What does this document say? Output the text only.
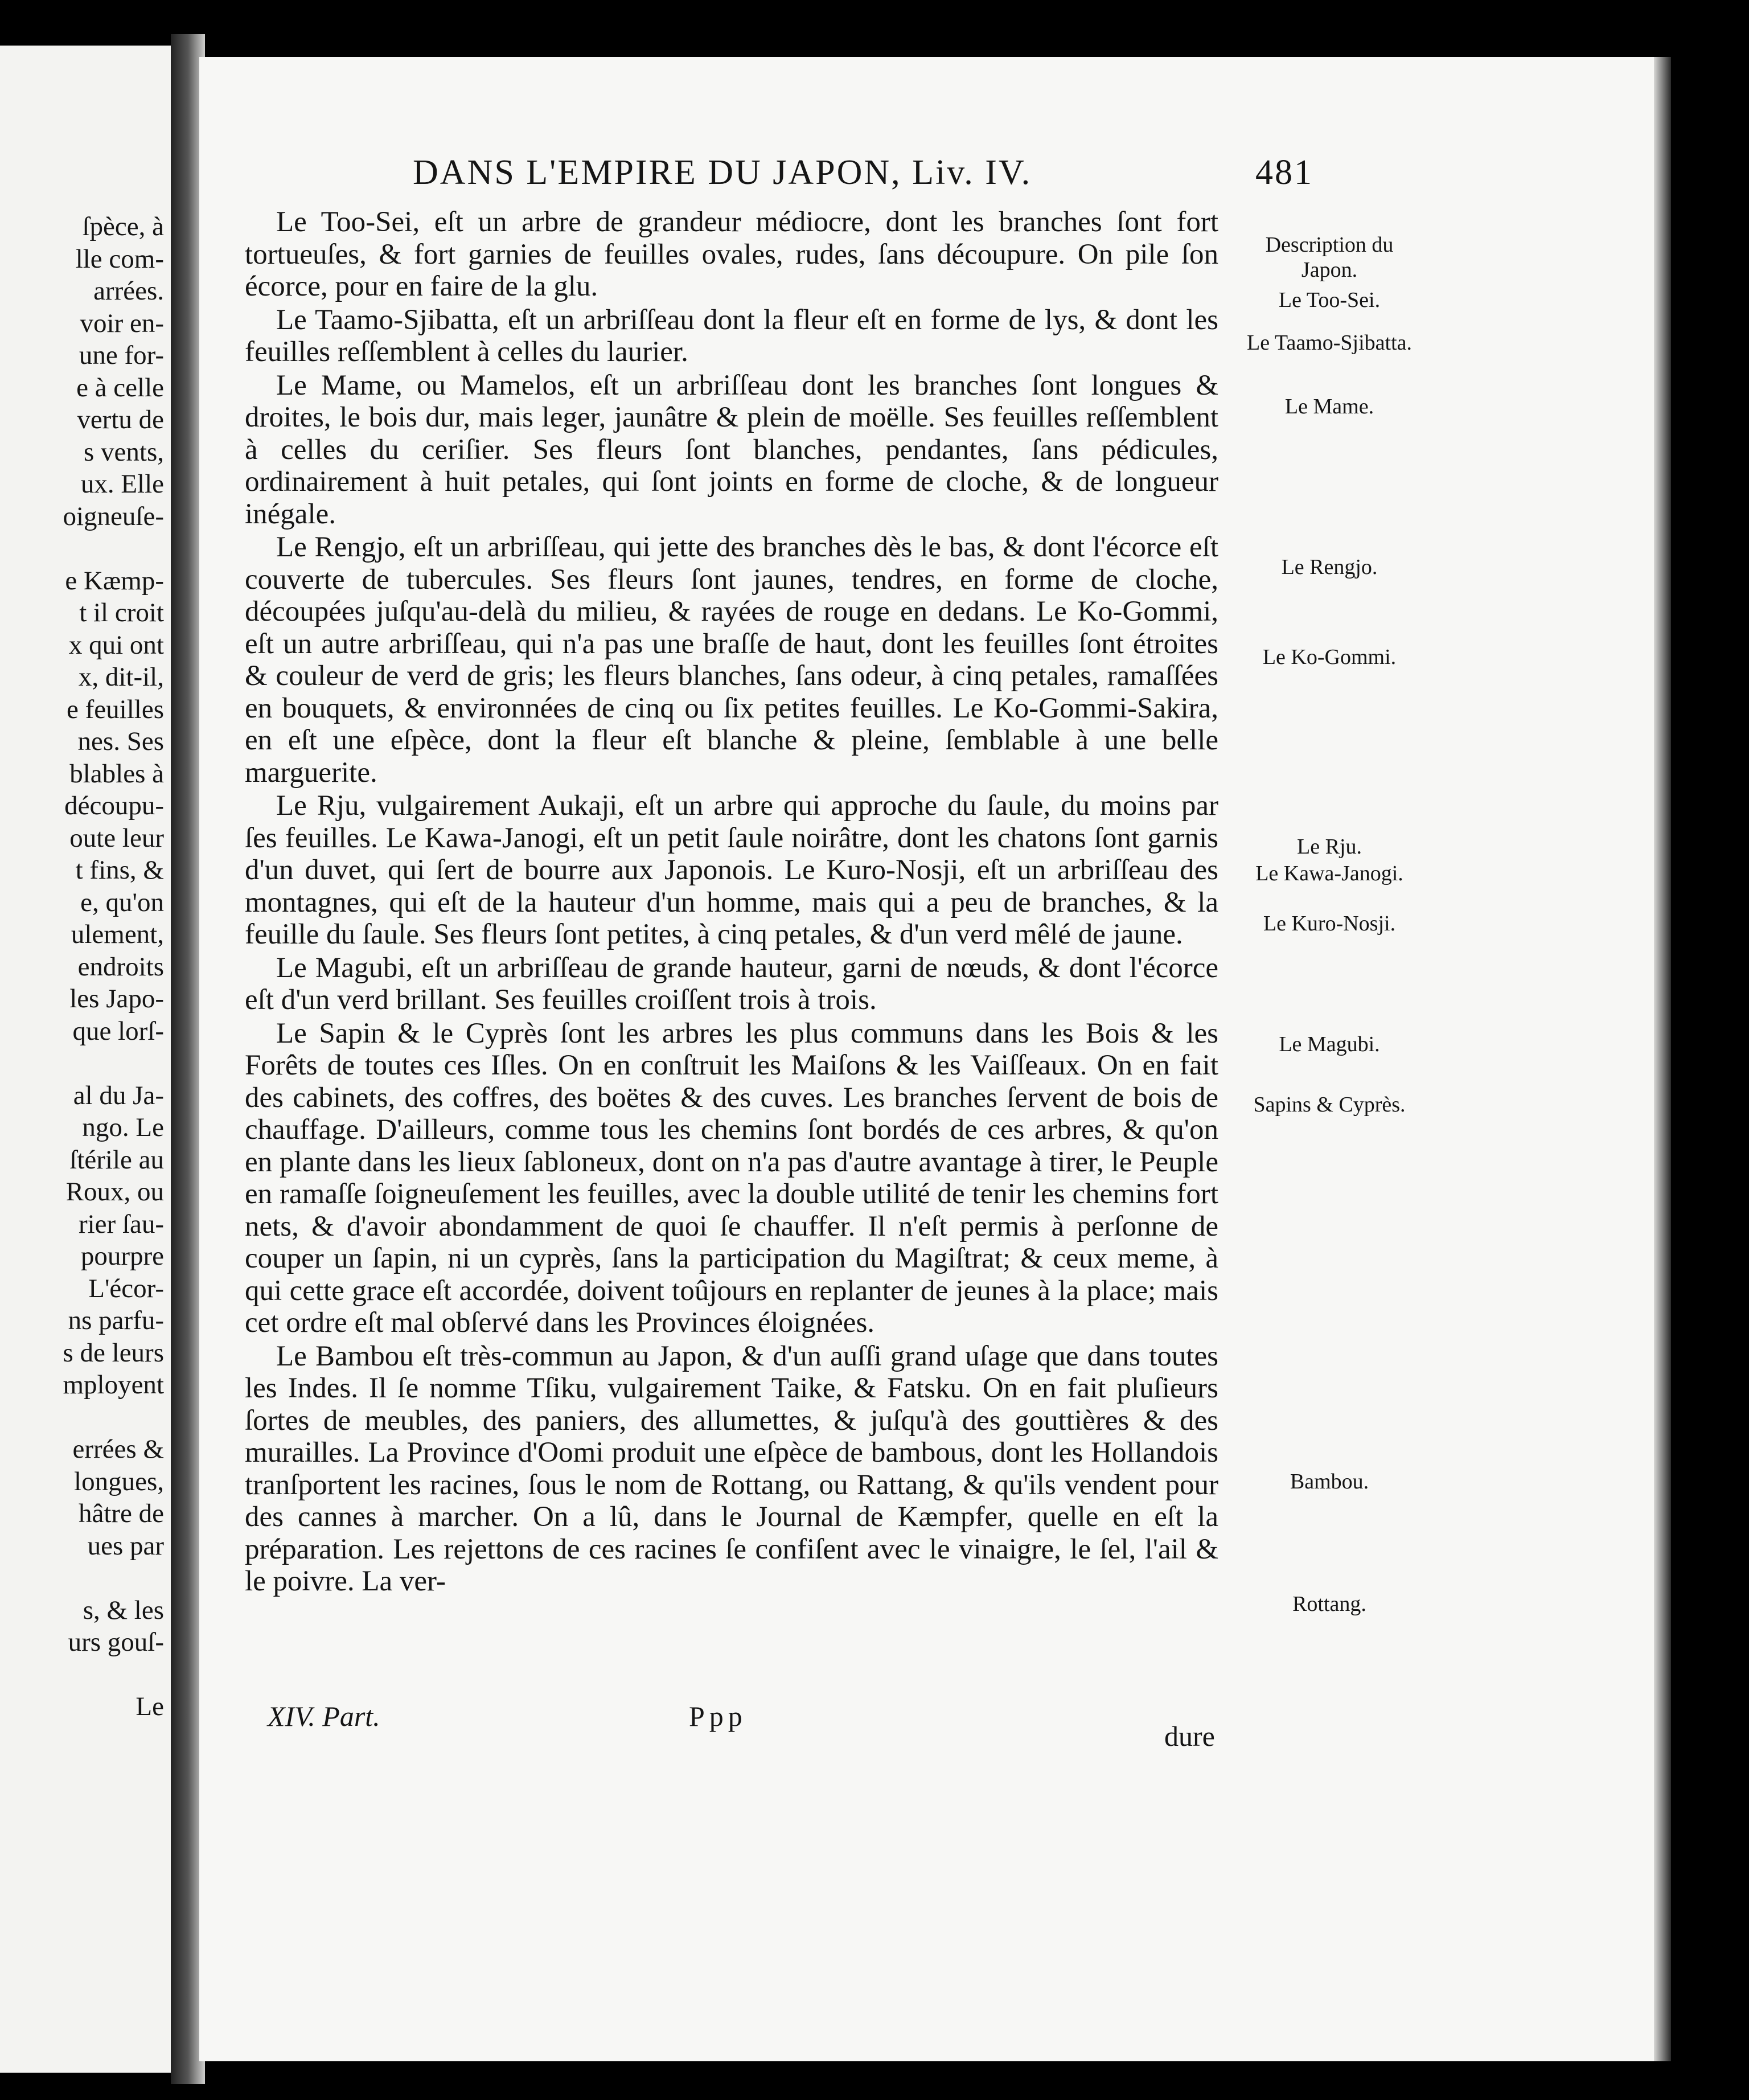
ſpèce, à
lle com-
arrées.
voir en-
une for-
e à celle
vertu de
s vents,
ux. Elle
oigneuſe-
e Kæmp-
t il croit
x qui ont
x, dit-il,
e feuilles
nes. Ses
blables à
découpu-
oute leur
t fins, &
e, qu'on
ulement,
endroits
les Japo-
que lorſ-
al du Ja-
ngo. Le
ſtérile au
Roux, ou
rier ſau-
pourpre
L'écor-
ns parfu-
s de leurs
mployent
errées &
longues,
hâtre de
ues par
s, & les
urs gouſ-
Le
DANS L'EMPIRE DU JAPON, Liv. IV.	481

Le Too-Sei, eſt un arbre de grandeur médiocre, dont les branches ſont fort tortueuſes, & fort garnies de feuilles ovales, rudes, ſans découpure. On pile ſon écorce, pour en faire de la glu.

Le Taamo-Sjibatta, eſt un arbriſſeau dont la fleur eſt en forme de lys, & dont les feuilles reſſemblent à celles du laurier.

Le Mame, ou Mamelos, eſt un arbriſſeau dont les branches ſont longues & droites, le bois dur, mais leger, jaunâtre & plein de moëlle. Ses feuilles reſſemblent à celles du ceriſier. Ses fleurs ſont blanches, pendantes, ſans pédicules, ordinairement à huit petales, qui ſont joints en forme de cloche, & de longueur inégale.

Le Rengjo, eſt un arbriſſeau, qui jette des branches dès le bas, & dont l'écorce eſt couverte de tubercules. Ses fleurs ſont jaunes, tendres, en forme de cloche, découpées juſqu'au-delà du milieu, & rayées de rouge en dedans. Le Ko-Gommi, eſt un autre arbriſſeau, qui n'a pas une braſſe de haut, dont les feuilles ſont étroites & couleur de verd de gris; les fleurs blanches, ſans odeur, à cinq petales, ramaſſées en bouquets, & environnées de cinq ou ſix petites feuilles. Le Ko-Gommi-Sakira, en eſt une eſpèce, dont la fleur eſt blanche & pleine, ſemblable à une belle marguerite.

Le Rju, vulgairement Aukaji, eſt un arbre qui approche du ſaule, du moins par ſes feuilles. Le Kawa-Janogi, eſt un petit ſaule noirâtre, dont les chatons ſont garnis d'un duvet, qui ſert de bourre aux Japonois. Le Kuro-Nosji, eſt un arbriſſeau des montagnes, qui eſt de la hauteur d'un homme, mais qui a peu de branches, & la feuille du ſaule. Ses fleurs ſont petites, à cinq petales, & d'un verd mêlé de jaune.

Le Magubi, eſt un arbriſſeau de grande hauteur, garni de nœuds, & dont l'écorce eſt d'un verd brillant. Ses feuilles croiſſent trois à trois.

Le Sapin & le Cyprès ſont les arbres les plus communs dans les Bois & les Forêts de toutes ces Iſles. On en conſtruit les Maiſons & les Vaiſſeaux. On en fait des cabinets, des coffres, des boëtes & des cuves. Les branches ſervent de bois de chauffage. D'ailleurs, comme tous les chemins ſont bordés de ces arbres, & qu'on en plante dans les lieux ſabloneux, dont on n'a pas d'autre avantage à tirer, le Peuple en ramaſſe ſoigneuſement les feuilles, avec la double utilité de tenir les chemins fort nets, & d'avoir abondamment de quoi ſe chauffer. Il n'eſt permis à perſonne de couper un ſapin, ni un cyprès, ſans la participation du Magiſtrat; & ceux meme, à qui cette grace eſt accordée, doivent toûjours en replanter de jeunes à la place; mais cet ordre eſt mal obſervé dans les Provinces éloignées.

Le Bambou eſt très-commun au Japon, & d'un auſſi grand uſage que dans toutes les Indes. Il ſe nomme Tſiku, vulgairement Taike, & Fatsku. On en fait pluſieurs ſortes de meubles, des paniers, des allumettes, & juſqu'à des gouttières & des murailles. La Province d'Oomi produit une eſpèce de bambous, dont les Hollandois tranſportent les racines, ſous le nom de Rottang, ou Rattang, & qu'ils vendent pour des cannes à marcher. On a lû, dans le Journal de Kæmpfer, quelle en eſt la préparation. Les rejettons de ces racines ſe confiſent avec le vinaigre, le ſel, l'ail & le poivre. La ver-

Description du Japon.
Le Too-Sei.
Le Taamo-Sjibatta.
Le Mame.
Le Rengjo.
Le Ko-Gommi.
Le Rju.
Le Kawa-Janogi.
Le Kuro-Nosji.
Le Magubi.
Sapins & Cyprès.
Bambou.
Rottang.
XIV. Part.	Ppp
dure
